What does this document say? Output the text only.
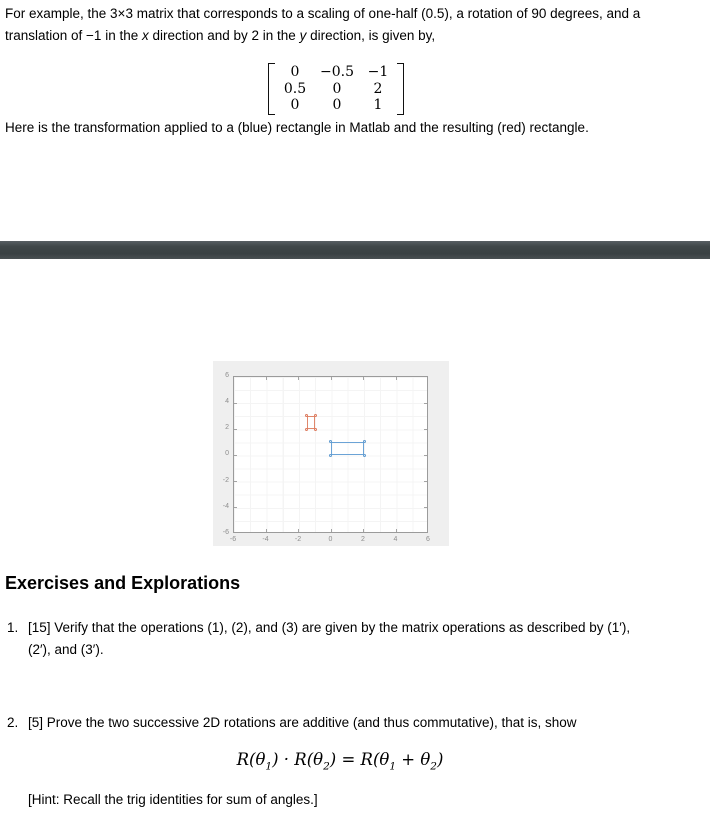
For example, the 3×3 matrix that corresponds to a scaling of one-half (0.5), a rotation of 90 degrees, and a translation of −1 in the x direction and by 2 in the y direction, is given by,

0	−0.5 −1
0.5	0	2
0	0	1

Here is the transformation applied to a (blue) rectangle in Matlab and the resulting (red) rectangle.

-6	-4	-2	0	2	4	6
6
4
2
0
-2
-4
-6
Exercises and Explorations
1. [15] Verify that the operations (1), (2), and (3) are given by the matrix operations as described by (1′), (2′), and (3′).

2. [5] Prove the two successive 2D rotations are additive (and thus commutative), that is, show

$R(\theta_1) \cdot R(\theta_2) = R(\theta_1 + \theta_2)$

[Hint: Recall the trig identities for sum of angles.]
